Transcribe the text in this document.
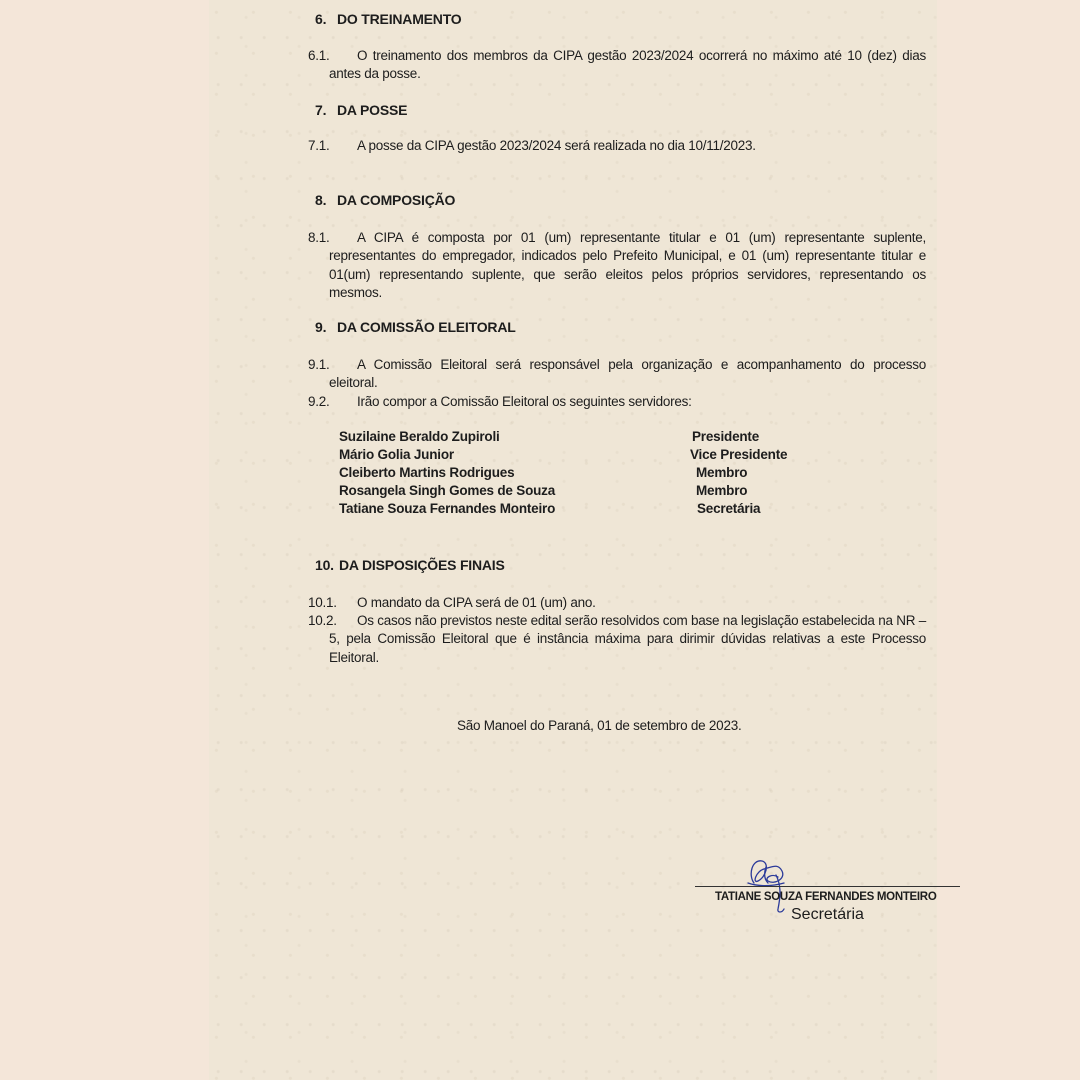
6. DO TREINAMENTO
6.1.	O treinamento dos membros da CIPA gestão 2023/2024 ocorrerá no máximo até 10 (dez) dias antes da posse.
7. DA POSSE
7.1.	A posse da CIPA gestão 2023/2024 será realizada no dia 10/11/2023.
8. DA COMPOSIÇÃO
8.1.	A CIPA é composta por 01 (um) representante titular e 01 (um) representante suplente, representantes do empregador, indicados pelo Prefeito Municipal, e 01 (um) representante titular e 01(um) representando suplente, que serão eleitos pelos próprios servidores, representando os mesmos.
9. DA COMISSÃO ELEITORAL
9.1.	A Comissão Eleitoral será responsável pela organização e acompanhamento do processo eleitoral.
9.2.	Irão compor a Comissão Eleitoral os seguintes servidores:
Suzilaine Beraldo Zupiroli	Presidente
Mário Golia Junior	Vice Presidente
Cleiberto Martins Rodrigues	Membro
Rosangela Singh Gomes de Souza	Membro
Tatiane Souza Fernandes Monteiro	Secretária
10. DA DISPOSIÇÕES FINAIS
10.1.	O mandato da CIPA será de 01 (um) ano.
10.2.	Os casos não previstos neste edital serão resolvidos com base na legislação estabelecida na NR – 5, pela Comissão Eleitoral que é instância máxima para dirimir dúvidas relativas a este Processo Eleitoral.
São Manoel do Paraná, 01 de setembro de 2023.
TATIANE SOUZA FERNANDES MONTEIRO
Secretária
